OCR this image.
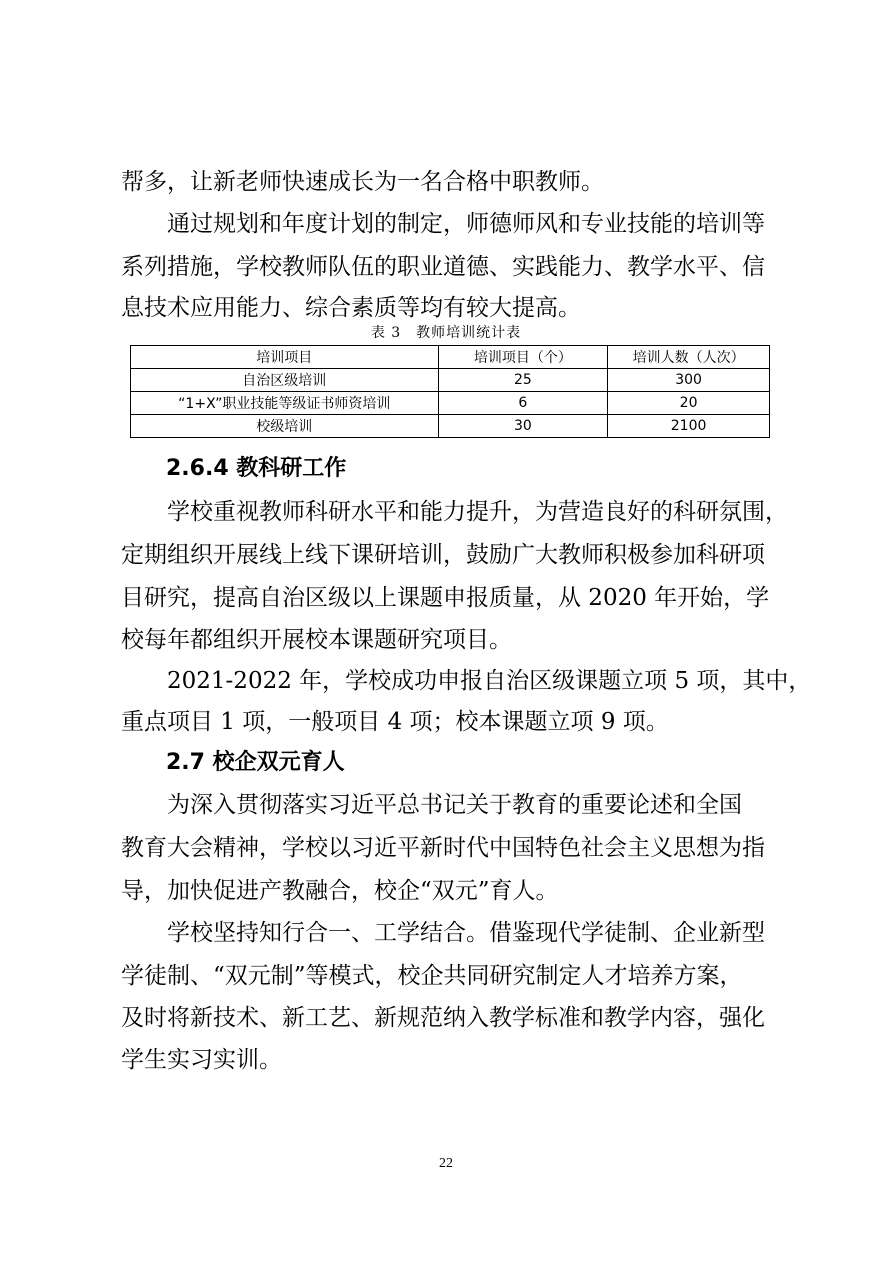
帮多，让新老师快速成长为一名合格中职教师。

　　通过规划和年度计划的制定，师德师风和专业技能的培训等

系列措施，学校教师队伍的职业道德、实践能力、教学水平、信

息技术应用能力、综合素质等均有较大提高。

表 3　教师培训统计表
培训项目	培训项目（个）	培训人数（人次）
自治区级培训	25	300
“1+X”职业技能等级证书师资培训	6	20
校级培训	30	2100

2.6.4 教科研工作

　　学校重视教师科研水平和能力提升，为营造良好的科研氛围，

定期组织开展线上线下课研培训，鼓励广大教师积极参加科研项

目研究，提高自治区级以上课题申报质量，从 2020 年开始，学

校每年都组织开展校本课题研究项目。

　　2021-2022 年，学校成功申报自治区级课题立项 5 项，其中，

重点项目 1 项，一般项目 4 项；校本课题立项 9 项。

2.7 校企双元育人

　　为深入贯彻落实习近平总书记关于教育的重要论述和全国

教育大会精神，学校以习近平新时代中国特色社会主义思想为指

导，加快促进产教融合，校企“双元”育人。

　　学校坚持知行合一、工学结合。借鉴现代学徒制、企业新型

学徒制、“双元制”等模式，校企共同研究制定人才培养方案，

及时将新技术、新工艺、新规范纳入教学标准和教学内容，强化

学生实习实训。

22
